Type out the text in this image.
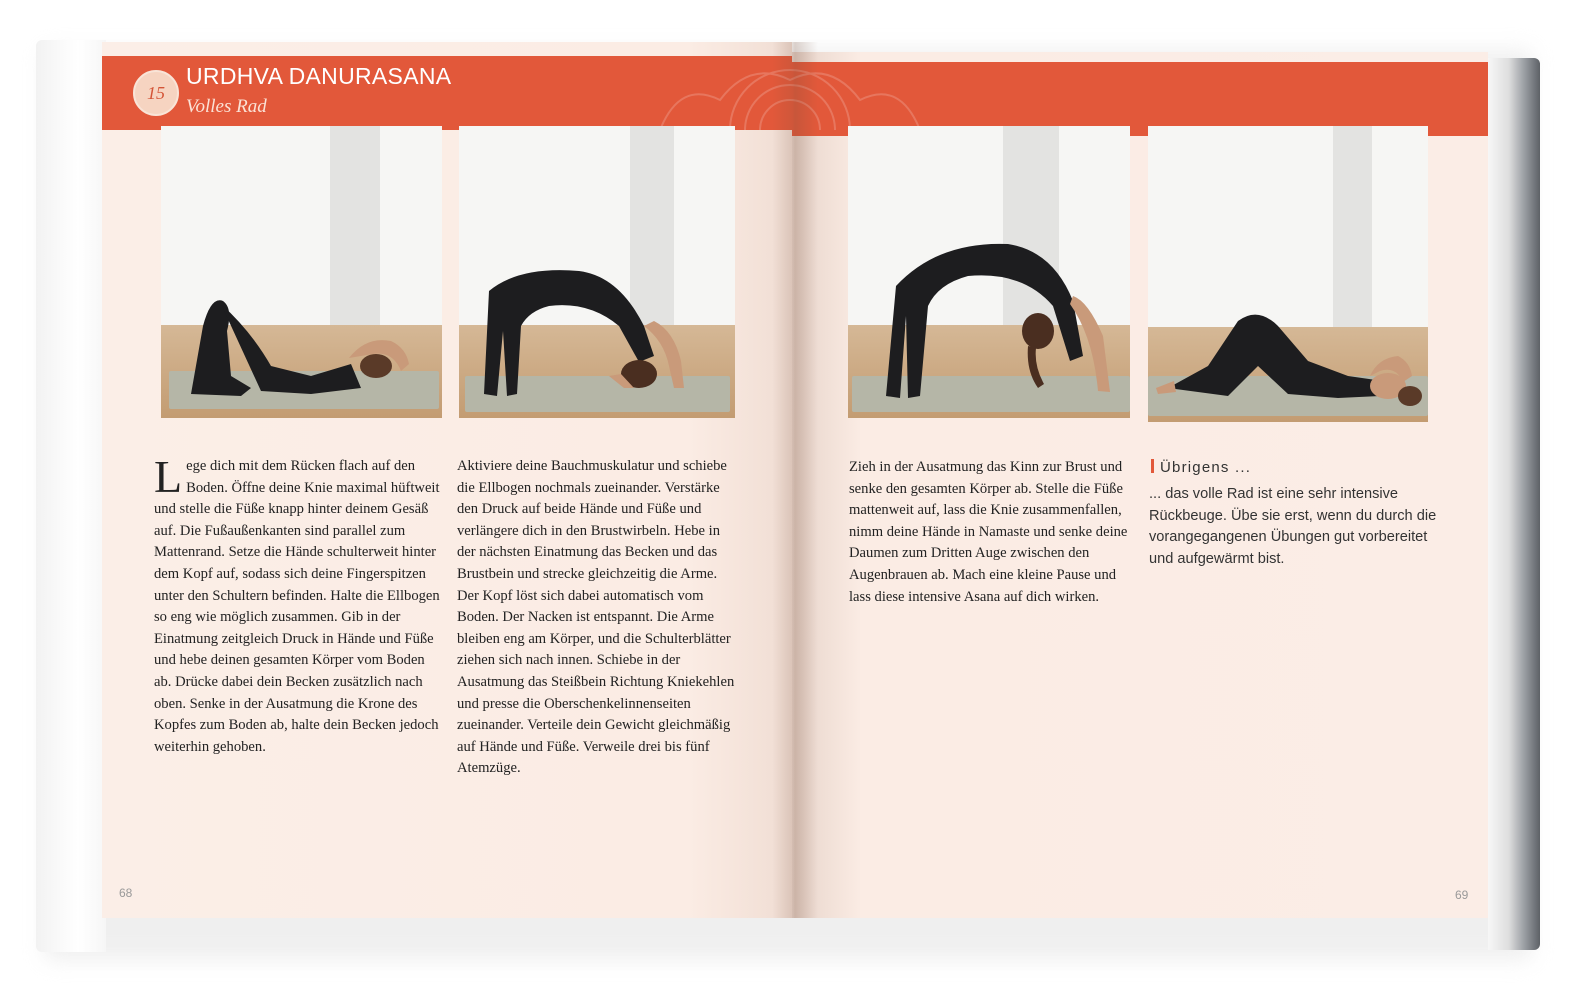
15
URDHVA DANURASANA
Volles Rad
L ege dich mit dem Rücken flach auf den Boden. Öffne deine Knie maximal hüftweit und stelle die Füße knapp hinter deinem Gesäß auf. Die Fußaußenkanten sind parallel zum Mattenrand. Setze die Hände schulterweit hinter dem Kopf auf, sodass sich deine Fingerspitzen unter den Schultern befinden. Halte die Ellbogen so eng wie möglich zusammen. Gib in der Einatmung zeitgleich Druck in Hände und Füße und hebe deinen gesamten Körper vom Boden ab. Drücke dabei dein Becken zusätzlich nach oben. Senke in der Ausatmung die Krone des Kopfes zum Boden ab, halte dein Becken jedoch weiterhin gehoben.
Aktiviere deine Bauchmuskulatur und schiebe die Ellbogen nochmals zueinander. Verstärke den Druck auf beide Hände und Füße und verlängere dich in den Brustwirbeln. Hebe in der nächsten Einatmung das Becken und das Brustbein und strecke gleichzeitig die Arme. Der Kopf löst sich dabei automatisch vom Boden. Der Nacken ist entspannt. Die Arme bleiben eng am Körper, und die Schulterblätter ziehen sich nach innen. Schiebe in der Ausatmung das Steißbein Richtung Kniekehlen und presse die Oberschenkelinnenseiten zueinander. Verteile dein Gewicht gleichmäßig auf Hände und Füße. Verweile drei bis fünf Atemzüge.
Zieh in der Ausatmung das Kinn zur Brust und senke den gesamten Körper ab. Stelle die Füße mattenweit auf, lass die Knie zusammenfallen, nimm deine Hände in Namaste und senke deine Daumen zum Dritten Auge zwischen den Augenbrauen ab. Mach eine kleine Pause und lass diese intensive Asana auf dich wirken.
Übrigens ...
... das volle Rad ist eine sehr intensive Rückbeuge. Übe sie erst, wenn du durch die vorangegangenen Übungen gut vorbereitet und aufgewärmt bist.
68	69
